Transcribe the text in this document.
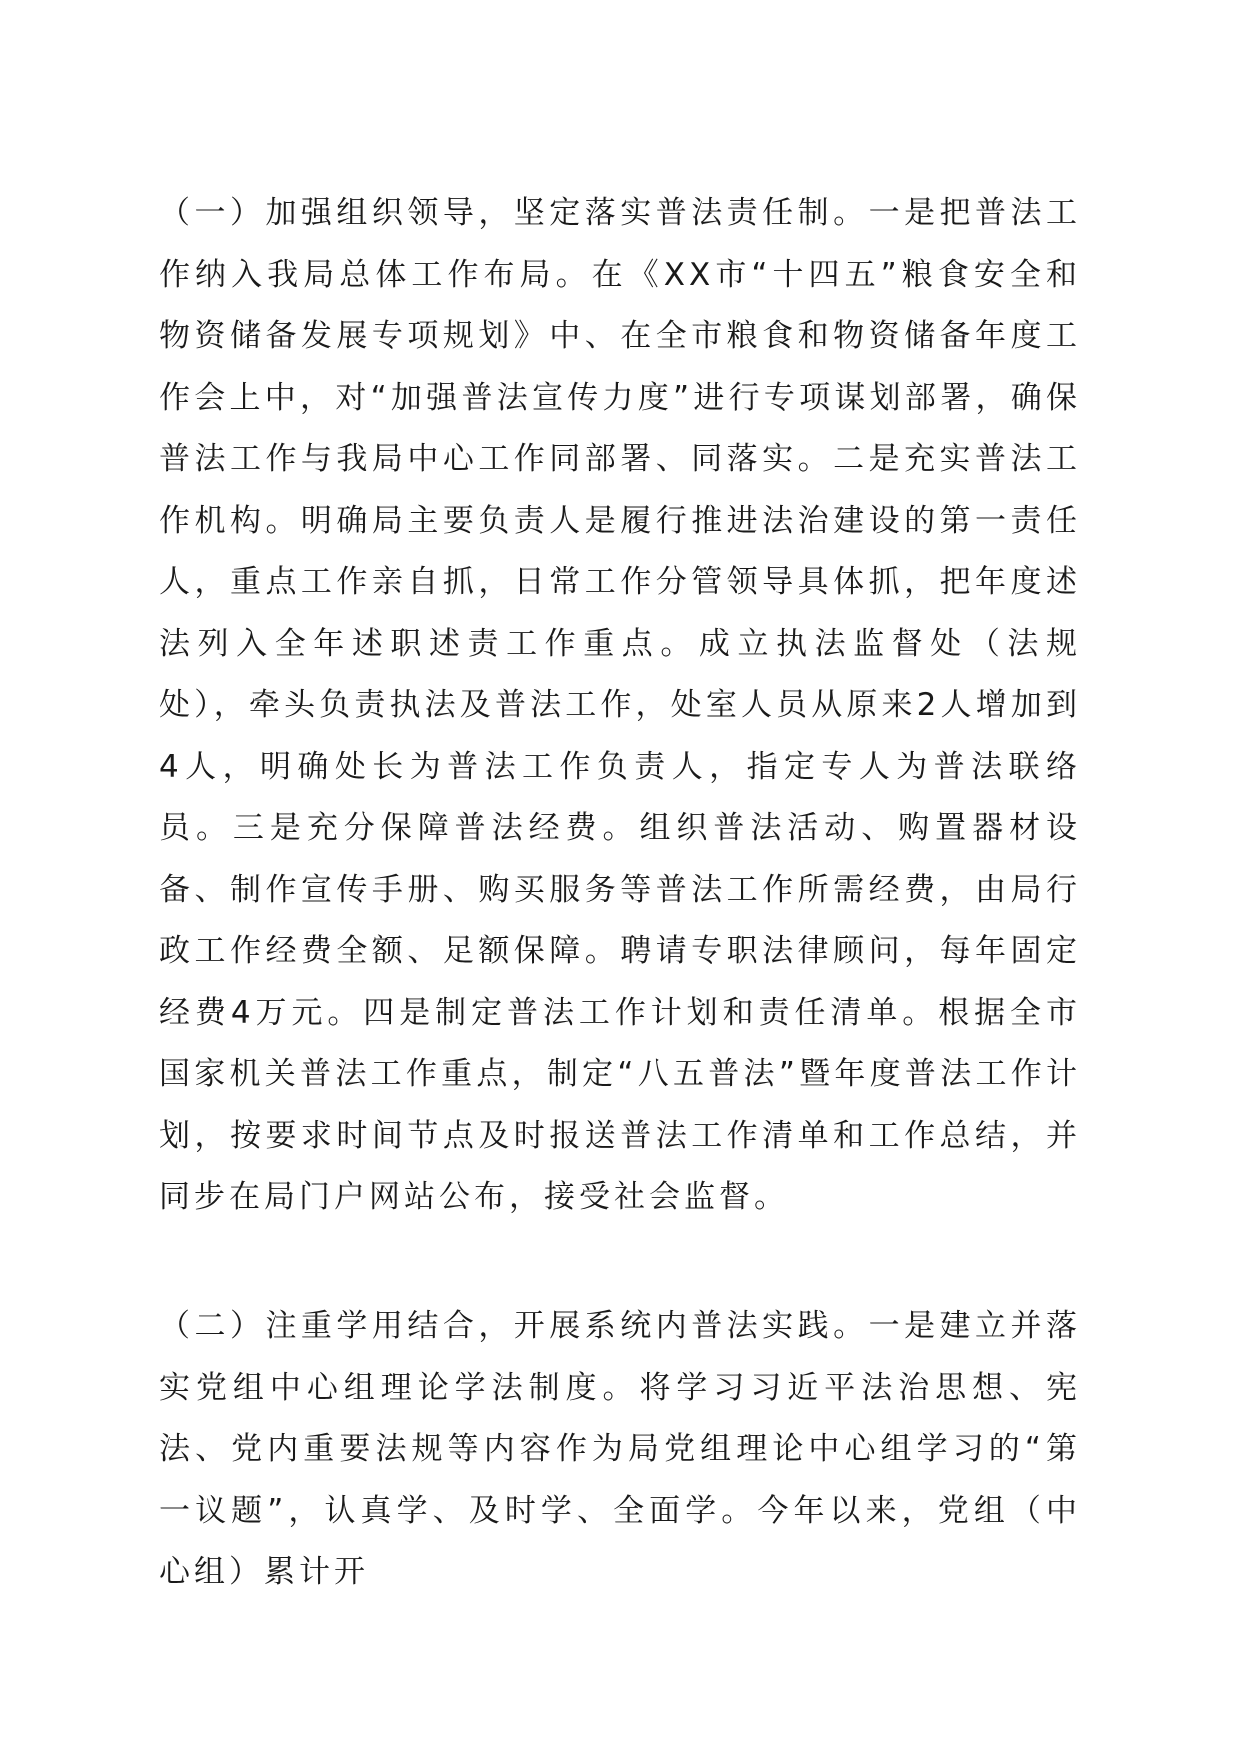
（一）加强组织领导，坚定落实普法责任制。一是把普法工作纳入我局总体工作布局。在《XX市“十四五”粮食安全和物资储备发展专项规划》中、在全市粮食和物资储备年度工作会上中，对“加强普法宣传力度”进行专项谋划部署，确保普法工作与我局中心工作同部署、同落实。二是充实普法工作机构。明确局主要负责人是履行推进法治建设的第一责任人，重点工作亲自抓，日常工作分管领导具体抓，把年度述法列入全年述职述责工作重点。成立执法监督处（法规处），牵头负责执法及普法工作，处室人员从原来2人增加到4人，明确处长为普法工作负责人，指定专人为普法联络员。三是充分保障普法经费。组织普法活动、购置器材设备、制作宣传手册、购买服务等普法工作所需经费，由局行政工作经费全额、足额保障。聘请专职法律顾问，每年固定经费4万元。四是制定普法工作计划和责任清单。根据全市国家机关普法工作重点，制定“八五普法”暨年度普法工作计划，按要求时间节点及时报送普法工作清单和工作总结，并同步在局门户网站公布，接受社会监督。

（二）注重学用结合，开展系统内普法实践。一是建立并落实党组中心组理论学法制度。将学习习近平法治思想、宪法、党内重要法规等内容作为局党组理论中心组学习的“第一议题”，认真学、及时学、全面学。今年以来，党组（中心组）累计开
